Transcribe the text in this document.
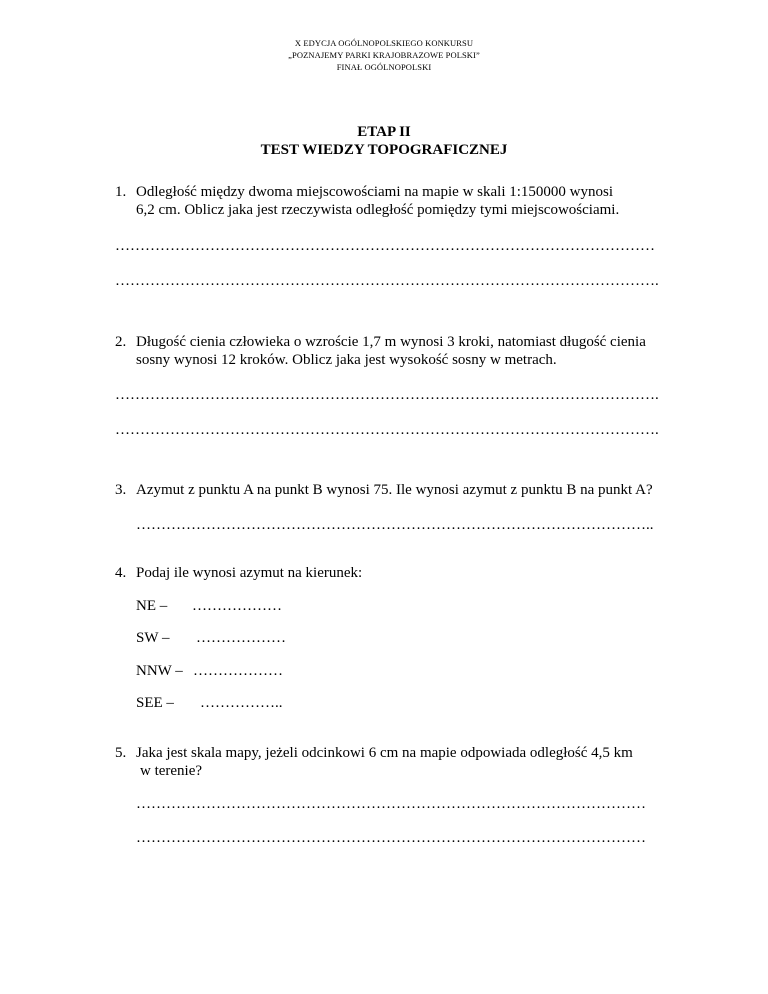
X EDYCJA OGÓLNOPOLSKIEGO KONKURSU
„POZNAJEMY PARKI KRAJOBRAZOWE POLSKI”
FINAŁ OGÓLNOPOLSKI
ETAP II
TEST WIEDZY TOPOGRAFICZNEJ
1. Odległość między dwoma miejscowościami na mapie w skali 1:150000 wynosi
6,2 cm. Oblicz jaka jest rzeczywista odległość pomiędzy tymi miejscowościami.
………………………………………………………………………………………………
……………………………………………………………………………………………….
2. Długość cienia człowieka o wzroście 1,7 m wynosi 3 kroki, natomiast długość cienia
sosny wynosi 12 kroków. Oblicz jaka jest wysokość sosny w metrach.
……………………………………………………………………………………………….
……………………………………………………………………………………………….
3. Azymut z punktu A na punkt B wynosi 75. Ile wynosi azymut z punktu B na punkt A?
…………………………………………………………………………………………..
4. Podaj ile wynosi azymut na kierunek:
NE – ………………
SW – ………………
NNW – ………………
SEE – ……………..
5. Jaka jest skala mapy, jeżeli odcinkowi 6 cm na mapie odpowiada odległość 4,5 km
w terenie?
…………………………………………………………………………………………
…………………………………………………………………………………………
